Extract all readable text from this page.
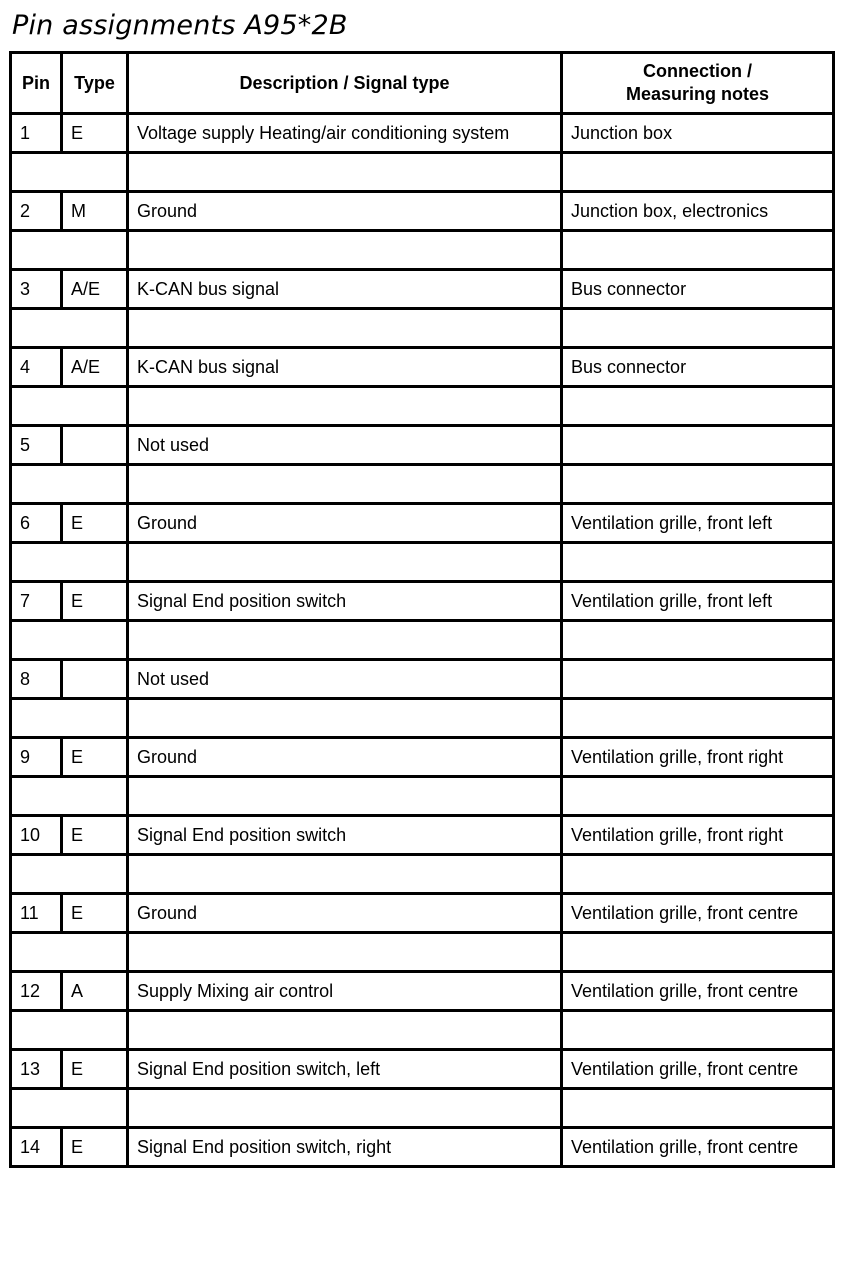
Pin assignments A95*2B
Pin	Type	Description / Signal type	Connection /
Measuring notes
1	E	Voltage supply Heating/air conditioning system	Junction box

2	M	Ground	Junction box, electronics

3	A/E	K-CAN bus signal	Bus connector

4	A/E	K-CAN bus signal	Bus connector

5		Not used	

6	E	Ground	Ventilation grille, front left

7	E	Signal End position switch	Ventilation grille, front left

8		Not used	

9	E	Ground	Ventilation grille, front right

10	E	Signal End position switch	Ventilation grille, front right

11	E	Ground	Ventilation grille, front centre

12	A	Supply Mixing air control	Ventilation grille, front centre

13	E	Signal End position switch, left	Ventilation grille, front centre

14	E	Signal End position switch, right	Ventilation grille, front centre
